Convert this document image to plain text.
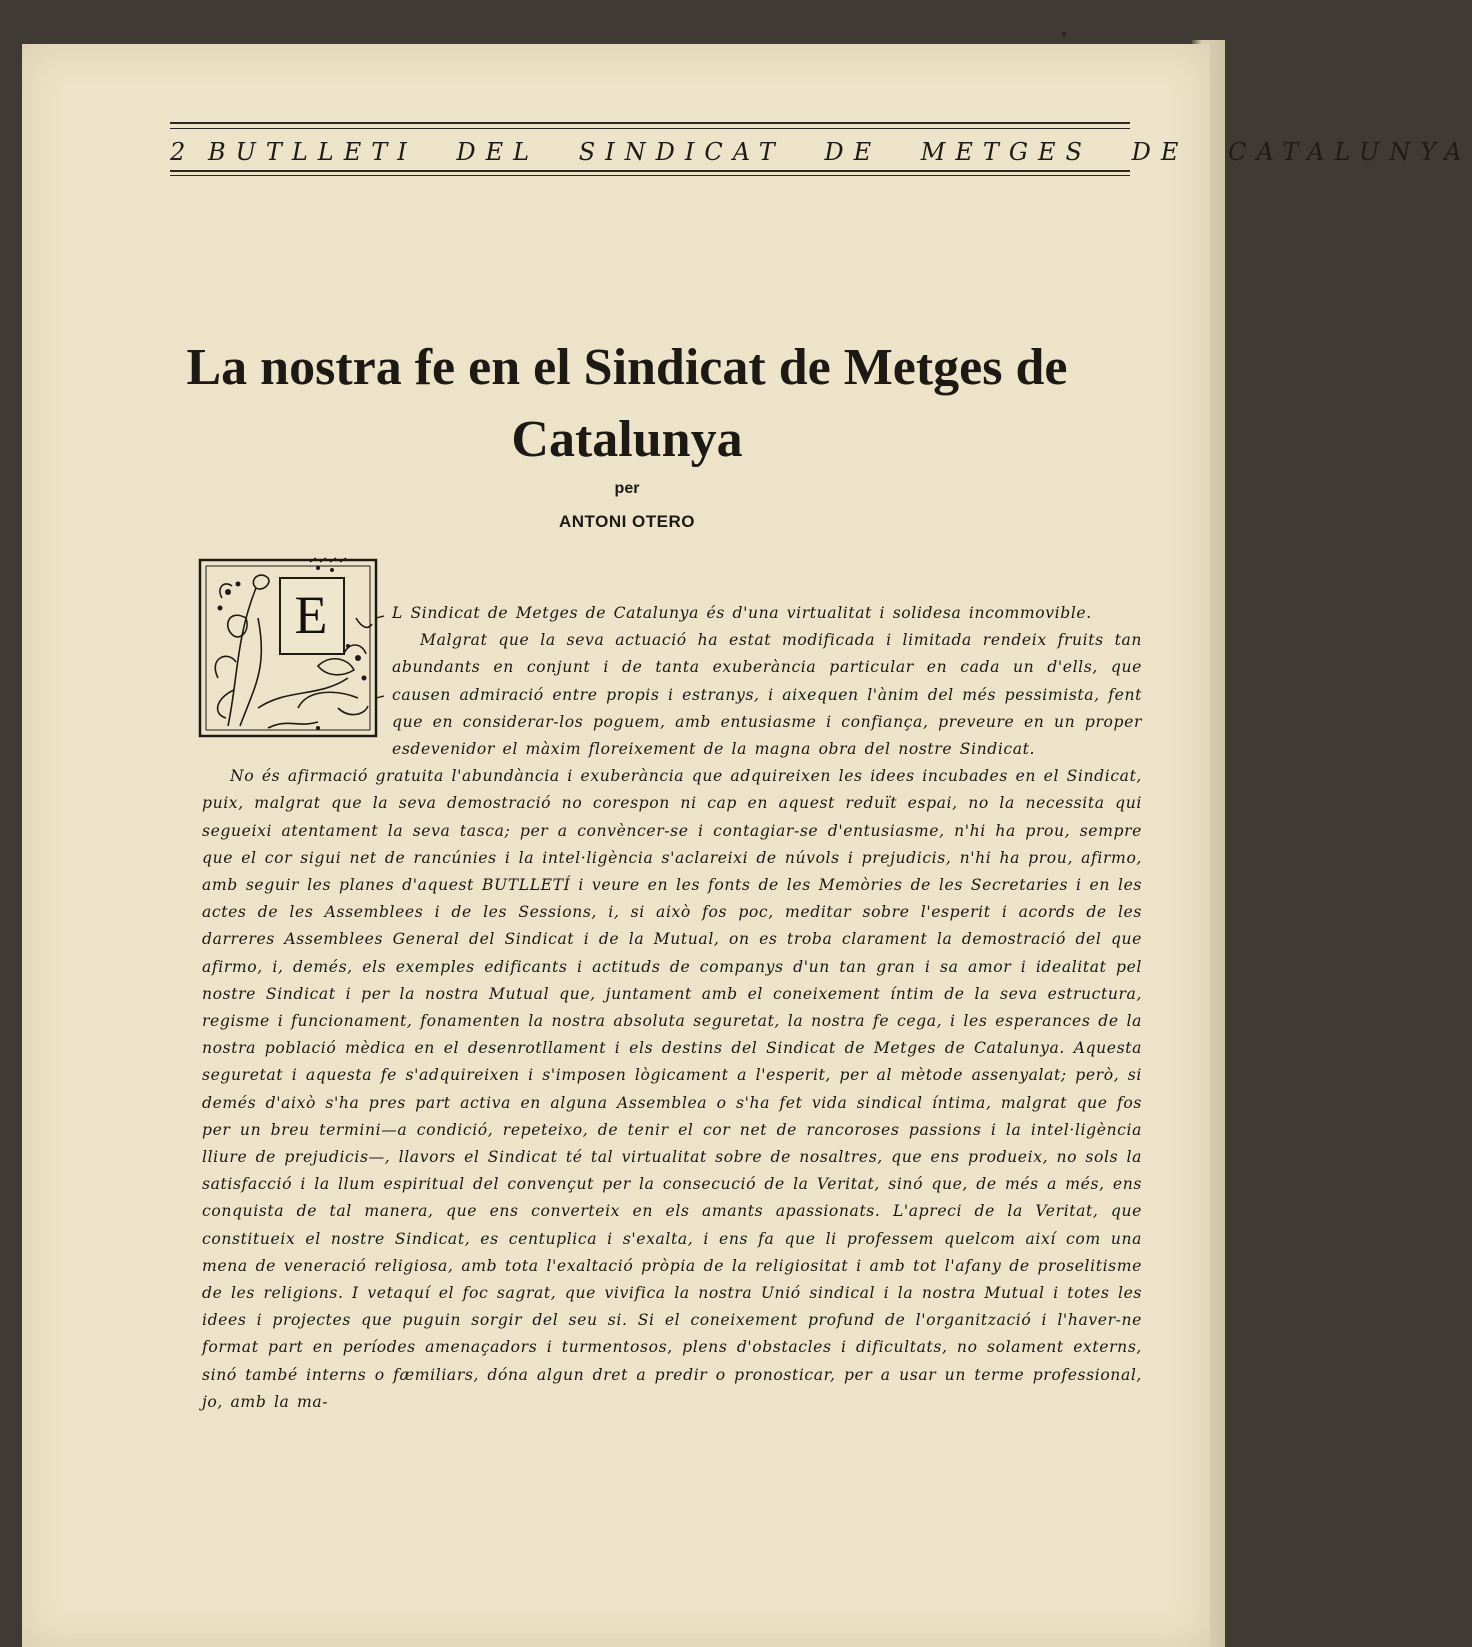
2 BUTLLETI DEL SINDICAT DE METGES DE CATALUNYA
La nostra fe en el Sindicat de Metges de Catalunya
per
ANTONI OTERO
E	L Sindicat de Metges de Catalunya és d'una virtualitat i solidesa incommovible.

Malgrat que la seva actuació ha estat modificada i limitada rendeix fruits tan abundants en conjunt i de tanta exuberància particular en cada un d'ells, que causen admiració entre propis i estranys, i aixequen l'ànim del més pessimista, fent que en considerar-los poguem, amb entusiasme i confiança, preveure en un proper esdevenidor el màxim floreixement de la magna obra del nostre Sindicat.

No és afirmació gratuita l'abundància i exuberància que adquireixen les idees incubades en el Sindicat, puix, malgrat que la seva demostració no corespon ni cap en aquest reduït espai, no la necessita qui segueixi atentament la seva tasca; per a convèncer-se i contagiar-se d'entusiasme, n'hi ha prou, sempre que el cor sigui net de rancúnies i la intel·ligència s'aclareixi de núvols i prejudicis, n'hi ha prou, afirmo, amb seguir les planes d'aquest BUTLLETÍ i veure en les fonts de les Memòries de les Secretaries i en les actes de les Assemblees i de les Sessions, i, si això fos poc, meditar sobre l'esperit i acords de les darreres Assemblees General del Sindicat i de la Mutual, on es troba clarament la demostració del que afirmo, i, demés, els exemples edificants i actituds de companys d'un tan gran i sa amor i idealitat pel nostre Sindicat i per la nostra Mutual que, juntament amb el coneixement íntim de la seva estructura, regisme i funcionament, fonamenten la nostra absoluta seguretat, la nostra fe cega, i les esperances de la nostra població mèdica en el desenrotllament i els destins del Sindicat de Metges de Catalunya. Aquesta seguretat i aquesta fe s'adquireixen i s'imposen lògicament a l'esperit, per al mètode assenyalat; però, si demés d'això s'ha pres part activa en alguna Assemblea o s'ha fet vida sindical íntima, malgrat que fos per un breu termini—a condició, repeteixo, de tenir el cor net de rancoroses passions i la intel·ligència lliure de prejudicis—, llavors el Sindicat té tal virtualitat sobre de nosaltres, que ens produeix, no sols la satisfacció i la llum espiritual del convençut per la consecució de la Veritat, sinó que, de més a més, ens conquista de tal manera, que ens converteix en els amants apassionats. L'apreci de la Veritat, que constitueix el nostre Sindicat, es centuplica i s'exalta, i ens fa que li professem quelcom així com una mena de veneració religiosa, amb tota l'exaltació pròpia de la religiositat i amb tot l'afany de proselitisme de les religions. I vetaquí el foc sagrat, que vivifica la nostra Unió sindical i la nostra Mutual i totes les idees i projectes que puguin sorgir del seu si. Si el coneixement profund de l'organització i l'haver-ne format part en períodes amenaçadors i turmentosos, plens d'obstacles i dificultats, no solament externs, sinó també interns o fæmiliars, dóna algun dret a predir o pronosticar, per a usar un terme professional, jo, amb la ma-
